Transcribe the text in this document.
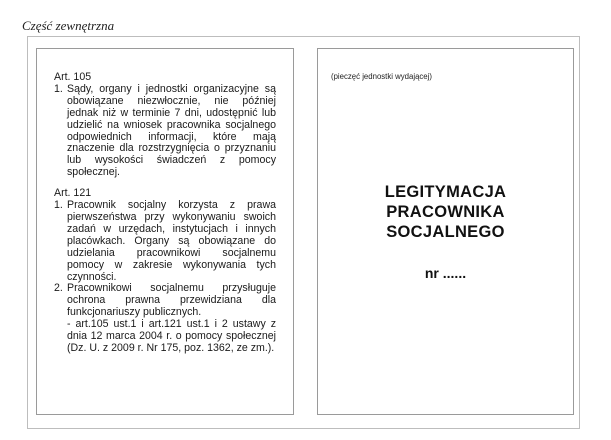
Część zewnętrzna

Art. 105

1. Sądy, organy i jednostki organizacyjne są obowiązane niezwłocznie, nie później jednak niż w terminie 7 dni, udostępnić lub udzielić na wniosek pracownika socjalnego odpowiednich informacji, które mają znaczenie dla rozstrzygnięcia o przyznaniu lub wysokości świadczeń z pomocy społecznej.

Art. 121

1. Pracownik socjalny korzysta z prawa pierwszeństwa przy wykonywaniu swoich zadań w urzędach, instytucjach i innych placówkach. Organy są obowiązane do udzielania pracownikowi socjalnemu pomocy w zakresie wykonywania tych czynności.

2. Pracownikowi socjalnemu przysługuje ochrona prawna przewidziana dla funkcjonariuszy publicznych.

- art.105 ust.1 i art.121 ust.1 i 2 ustawy z dnia 12 marca 2004 r. o pomocy społecznej (Dz. U. z 2009 r. Nr 175, poz. 1362, ze zm.).

(pieczęć jednostki wydającej)
LEGITYMACJA
PRACOWNIKA
SOCJALNEGO
nr ......
